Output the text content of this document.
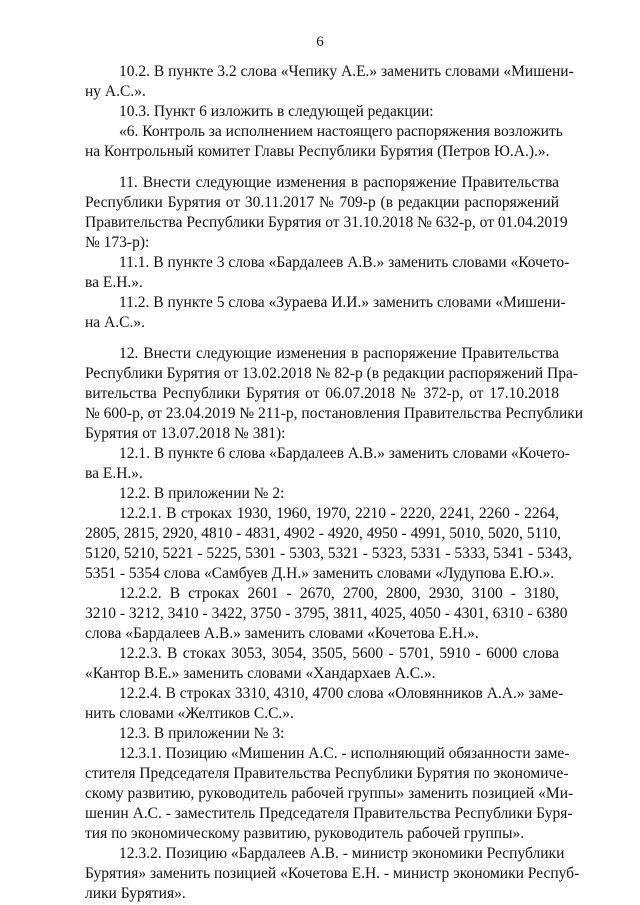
6
10.2. В пункте 3.2 слова «Чепику А.Е.» заменить словами «Мишени-
ну А.С.».
10.3. Пункт 6 изложить в следующей редакции:
«6. Контроль за исполнением настоящего распоряжения возложить
на Контрольный комитет Главы Республики Бурятия (Петров Ю.А.).».
11. Внести следующие изменения в распоряжение Правительства
Республики Бурятия от 30.11.2017 № 709-р (в редакции распоряжений
Правительства Республики Бурятия от 31.10.2018 № 632-р, от 01.04.2019
№ 173-р):
11.1. В пункте 3 слова «Бардалеев А.В.» заменить словами «Кочето-
ва Е.Н.».
11.2. В пункте 5 слова «Зураева И.И.» заменить словами «Мишени-
на А.С.».
12. Внести следующие изменения в распоряжение Правительства
Республики Бурятия от 13.02.2018 № 82-р (в редакции распоряжений Пра-
вительства Республики Бурятия от 06.07.2018 № 372-р, от 17.10.2018
№ 600-р, от 23.04.2019 № 211-р, постановления Правительства Республики
Бурятия от 13.07.2018 № 381):
12.1. В пункте 6 слова «Бардалеев А.В.» заменить словами «Кочето-
ва Е.Н.».
12.2. В приложении № 2:
12.2.1. В строках 1930, 1960, 1970, 2210 - 2220, 2241, 2260 - 2264,
2805, 2815, 2920, 4810 - 4831, 4902 - 4920, 4950 - 4991, 5010, 5020, 5110,
5120, 5210, 5221 - 5225, 5301 - 5303, 5321 - 5323, 5331 - 5333, 5341 - 5343,
5351 - 5354 слова «Самбуев Д.Н.» заменить словами «Лудупова Е.Ю.».
12.2.2. В строках 2601 - 2670, 2700, 2800, 2930, 3100 - 3180,
3210 - 3212, 3410 - 3422, 3750 - 3795, 3811, 4025, 4050 - 4301, 6310 - 6380
слова «Бардалеев А.В.» заменить словами «Кочетова Е.Н.».
12.2.3. В стоках 3053, 3054, 3505, 5600 - 5701, 5910 - 6000 слова
«Кантор В.Е.» заменить словами «Хандархаев А.С.».
12.2.4. В строках 3310, 4310, 4700 слова «Оловянников А.А.» заме-
нить словами «Желтиков С.С.».
12.3. В приложении № 3:
12.3.1. Позицию «Мишенин А.С. - исполняющий обязанности заме-
стителя Председателя Правительства Республики Бурятия по экономиче-
скому развитию, руководитель рабочей группы» заменить позицией «Ми-
шенин А.С. - заместитель Председателя Правительства Республики Буря-
тия по экономическому развитию, руководитель рабочей группы».
12.3.2. Позицию «Бардалеев А.В. - министр экономики Республики
Бурятия» заменить позицией «Кочетова Е.Н. - министр экономики Респуб-
лики Бурятия».
